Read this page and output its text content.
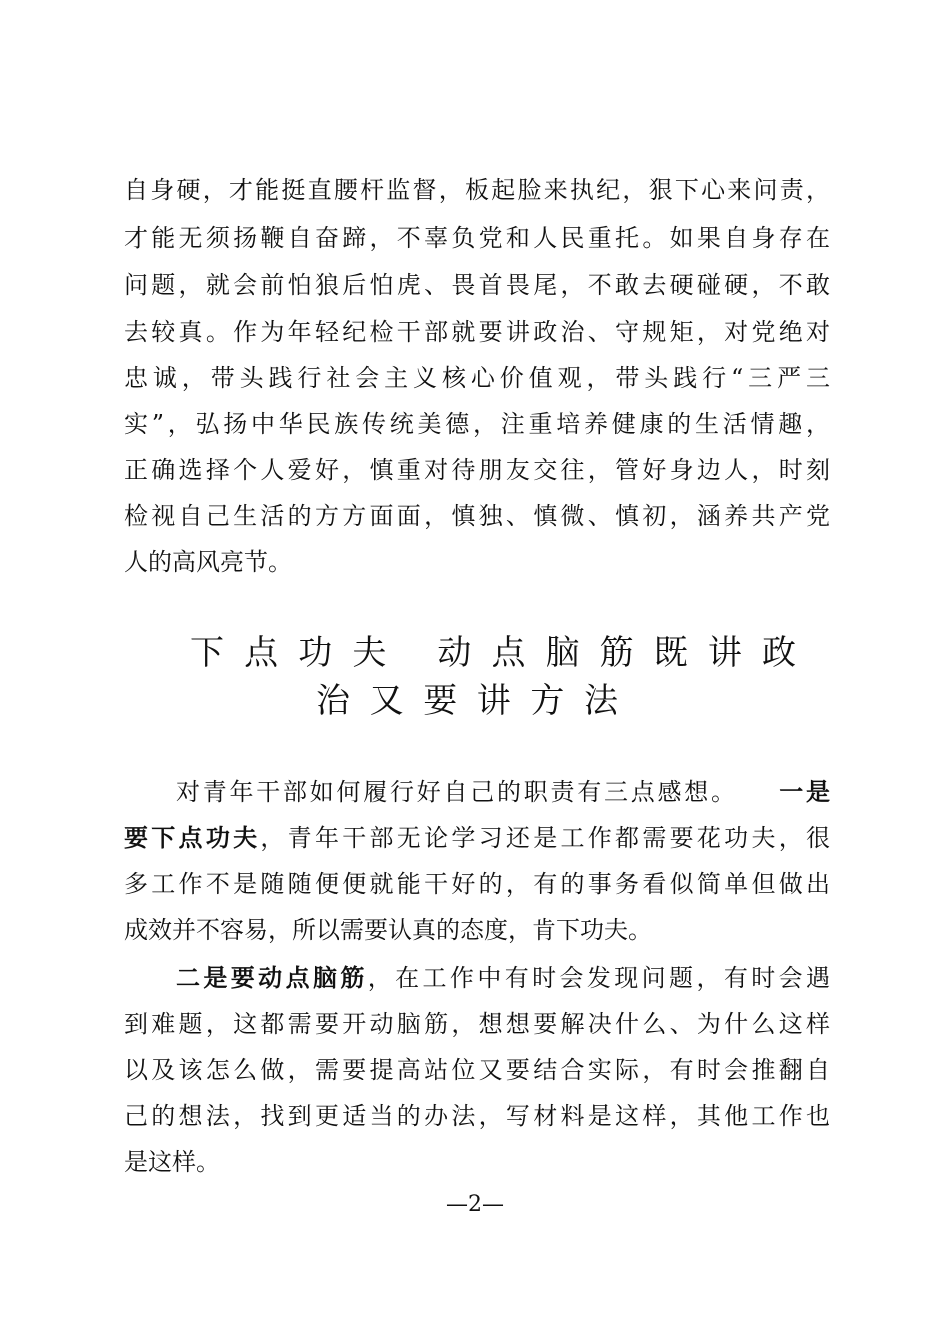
自身硬，才能挺直腰杆监督，板起脸来执纪，狠下心来问责，
才能无须扬鞭自奋蹄，不辜负党和人民重托。如果自身存在
问题，就会前怕狼后怕虎、畏首畏尾，不敢去硬碰硬，不敢
去较真。作为年轻纪检干部就要讲政治、守规矩，对党绝对
忠诚，带头践行社会主义核心价值观，带头践行“三严三
实”，弘扬中华民族传统美德，注重培养健康的生活情趣，
正确选择个人爱好，慎重对待朋友交往，管好身边人，时刻
检视自己生活的方方面面，慎独、慎微、慎初，涵养共产党
人的高风亮节。
下点功夫 动点脑筋既讲政
治又要讲方法
对青年干部如何履行好自己的职责有三点感想。　　 一是
要下点功夫，青年干部无论学习还是工作都需要花功夫，很
多工作不是随随便便就能干好的，有的事务看似简单但做出
成效并不容易，所以需要认真的态度，肯下功夫。
二是要动点脑筋，在工作中有时会发现问题，有时会遇
到难题，这都需要开动脑筋，想想要解决什么、为什么这样
以及该怎么做，需要提高站位又要结合实际，有时会推翻自
己的想法，找到更适当的办法，写材料是这样，其他工作也
是这样。
—2—
